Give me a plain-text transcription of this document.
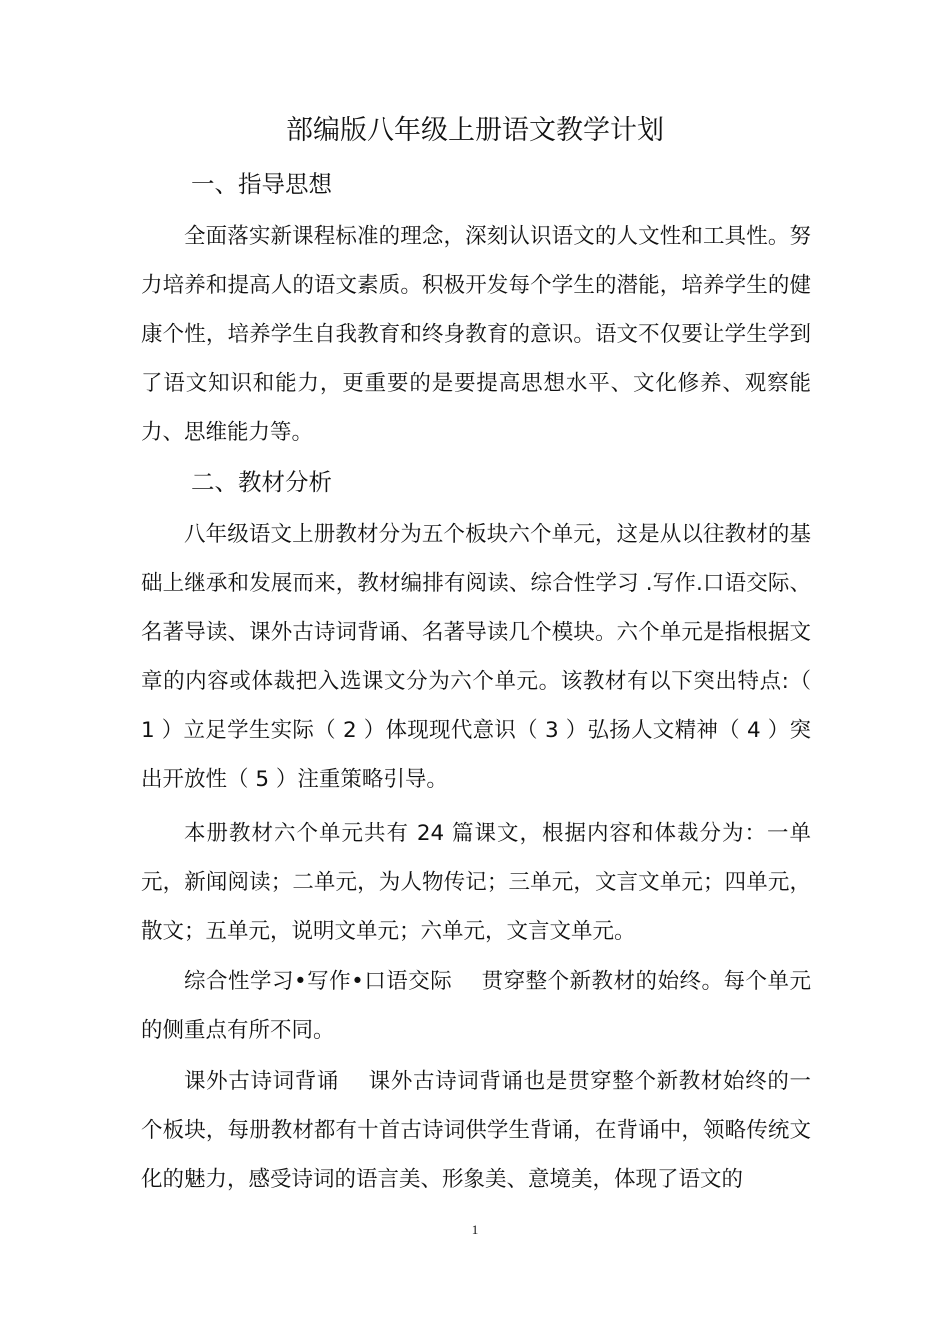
部编版八年级上册语文教学计划
一、指导思想

全面落实新课程标准的理念，深刻认识语文的人文性和工具性。努力培养和提高人的语文素质。积极开发每个学生的潜能，培养学生的健康个性，培养学生自我教育和终身教育的意识。语文不仅要让学生学到了语文知识和能力，更重要的是要提高思想水平、文化修养、观察能力、思维能力等。

二、教材分析

八年级语文上册教材分为五个板块六个单元，这是从以往教材的基础上继承和发展而来，教材编排有阅读、综合性学习 .写作.口语交际、名著导读、课外古诗词背诵、名著导读几个模块。六个单元是指根据文章的内容或体裁把入选课文分为六个单元。该教材有以下突出特点:（ 1 ）立足学生实际（ 2 ）体现现代意识（ 3 ）弘扬人文精神（ 4 ）突出开放性（ 5 ）注重策略引导。

本册教材六个单元共有 24 篇课文，根据内容和体裁分为：一单元，新闻阅读；二单元，为人物传记；三单元，文言文单元；四单元，散文；五单元，说明文单元；六单元，文言文单元。

综合性学习•写作•口语交际　 贯穿整个新教材的始终。每个单元的侧重点有所不同。

课外古诗词背诵　 课外古诗词背诵也是贯穿整个新教材始终的一个板块，每册教材都有十首古诗词供学生背诵，在背诵中，领略传统文化的魅力，感受诗词的语言美、形象美、意境美，体现了语文的

1
